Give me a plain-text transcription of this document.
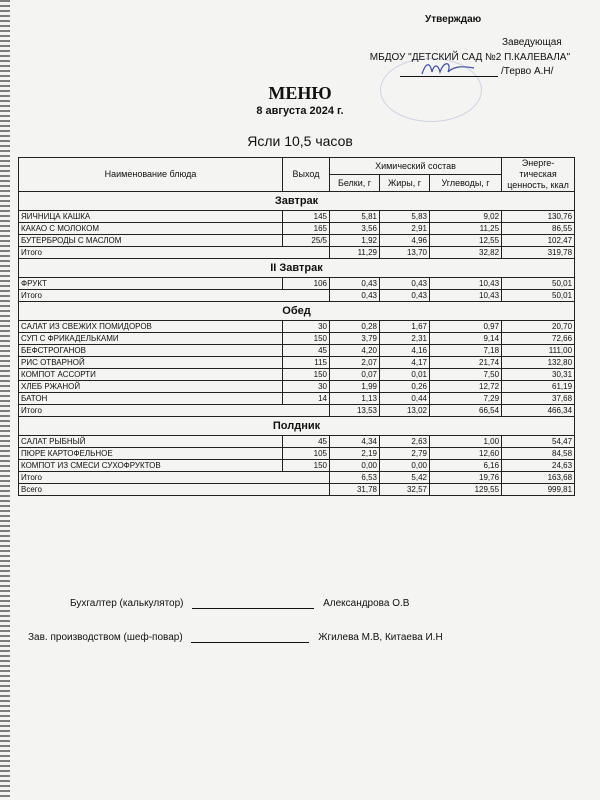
Утверждаю
Заведующая
МБДОУ "ДЕТСКИЙ САД №2 П.КАЛЕВАЛА"
/Терво А.Н/
МЕНЮ
8 августа 2024 г.
Ясли 10,5 часов
Наименование блюда	Выход	Химический состав			Энерге-тическая ценность, ккал
		Белки, г	Жиры, г	Углеводы, г	
Завтрак					
ЯИЧНИЦА КАШКА	145	5,81	5,83	9,02	130,76
КАКАО С МОЛОКОМ	165	3,56	2,91	11,25	86,55
БУТЕРБРОДЫ С МАСЛОМ	25/5	1,92	4,96	12,55	102,47
Итого		11,29	13,70	32,82	319,78
II Завтрак					
ФРУКТ	106	0,43	0,43	10,43	50,01
Итого		0,43	0,43	10,43	50,01
Обед					
САЛАТ ИЗ СВЕЖИХ ПОМИДОРОВ	30	0,28	1,67	0,97	20,70
СУП С ФРИКАДЕЛЬКАМИ	150	3,79	2,31	9,14	72,66
БЕФСТРОГАНОВ	45	4,20	4,16	7,18	111,00
РИС ОТВАРНОЙ	115	2,07	4,17	21,74	132,80
КОМПОТ АССОРТИ	150	0,07	0,01	7,50	30,31
ХЛЕБ РЖАНОЙ	30	1,99	0,26	12,72	61,19
БАТОН	14	1,13	0,44	7,29	37,68
Итого		13,53	13,02	66,54	466,34
Полдник					
САЛАТ РЫБНЫЙ	45	4,34	2,63	1,00	54,47
ПЮРЕ КАРТОФЕЛЬНОЕ	105	2,19	2,79	12,60	84,58
КОМПОТ ИЗ СМЕСИ СУХОФРУКТОВ	150	0,00	0,00	6,16	24,63
Итого		6,53	5,42	19,76	163,68
Всего		31,78	32,57	129,55	999,81
Бухгалтер (калькулятор)	Александрова О.В
Зав. производством (шеф-повар)	Жгилева М.В, Китаева И.Н
